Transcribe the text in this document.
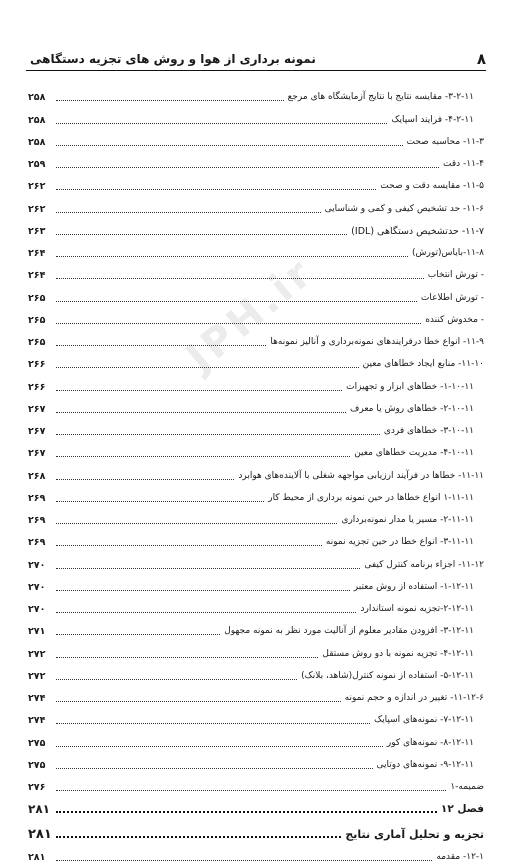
۸
نمونه برداری از هوا و روش های تجزیه دستگاهی
JPH.ir
۳-۲-۱۱- مقایسه نتایج با نتایج آزمایشگاه های مرجع
۲۵۸
۴-۲-۱۱- فرایند اسپایک
۲۵۸
۱۱-۳- محاسبه صحت
۲۵۸
۱۱-۴- دقت
۲۵۹
۱۱-۵- مقایسه دقت و صحت
۲۶۲
۱۱-۶- حد تشخیص کیفی و کمی و شناسایی
۲۶۲
۱۱-۷- حدتشخیص دستگاهی (IDL)
۲۶۳
۱۱-۸-بایاس(تورش)
۲۶۴
- تورش انتخاب
۲۶۴
- تورش اطلاعات
۲۶۵
- مخدوش کننده
۲۶۵
۱۱-۹- انواع خطا درفرایندهای نمونه‌برداری و آنالیز نمونه‌ها
۲۶۵
۱۱-۱۰- منابع ایجاد خطاهای معین
۲۶۶
۱-۱۰-۱۱- خطاهای ابزار و تجهیزات
۲۶۶
۲-۱۰-۱۱- خطاهای روش یا معرف
۲۶۷
۳-۱۰-۱۱- خطاهای فردی
۲۶۷
۴-۱۰-۱۱- مدیریت خطاهای معین
۲۶۷
۱۱-۱۱- خطاها در فرآیند ارزیابی مواجهه شغلی با آلاینده‌های هوابرد
۲۶۸
۱-۱۱-۱۱ انواع خطاها در حین نمونه برداری از محیط کار
۲۶۹
۲-۱۱-۱۱- مسیر یا مدار نمونه‌برداری
۲۶۹
۳-۱۱-۱۱- انواع خطا در حین تجزیه نمونه
۲۶۹
۱۱-۱۲- اجزاء برنامه کنترل کیفی
۲۷۰
۱-۱۲-۱۱- استفاده از روش معتبر
۲۷۰
۲-۱۲-۱۱-تجزیه نمونه استاندارد
۲۷۰
۳-۱۲-۱۱- افزودن مقادیر معلوم از آنالیت مورد نظر به نمونه مجهول
۲۷۱
۴-۱۲-۱۱- تجزیه نمونه با دو روش مستقل
۲۷۲
۵-۱۲-۱۱- استفاده از نمونه کنترل(شاهد، بلانک)
۲۷۲
۱۱-۱۲-۶- تغییر در اندازه و حجم نمونه
۲۷۴
۷-۱۲-۱۱- نمونه‌های اسپایک
۲۷۴
۸-۱۲-۱۱- نمونه‌های کور
۲۷۵
۹-۱۲-۱۱- نمونه‌های دوتایی
۲۷۵
ضمیمه-۱
۲۷۶
فصل ۱۲
۲۸۱
تجزیه و تحلیل آماری نتایج
۲۸۱
۱۲-۱- مقدمه
۲۸۱
